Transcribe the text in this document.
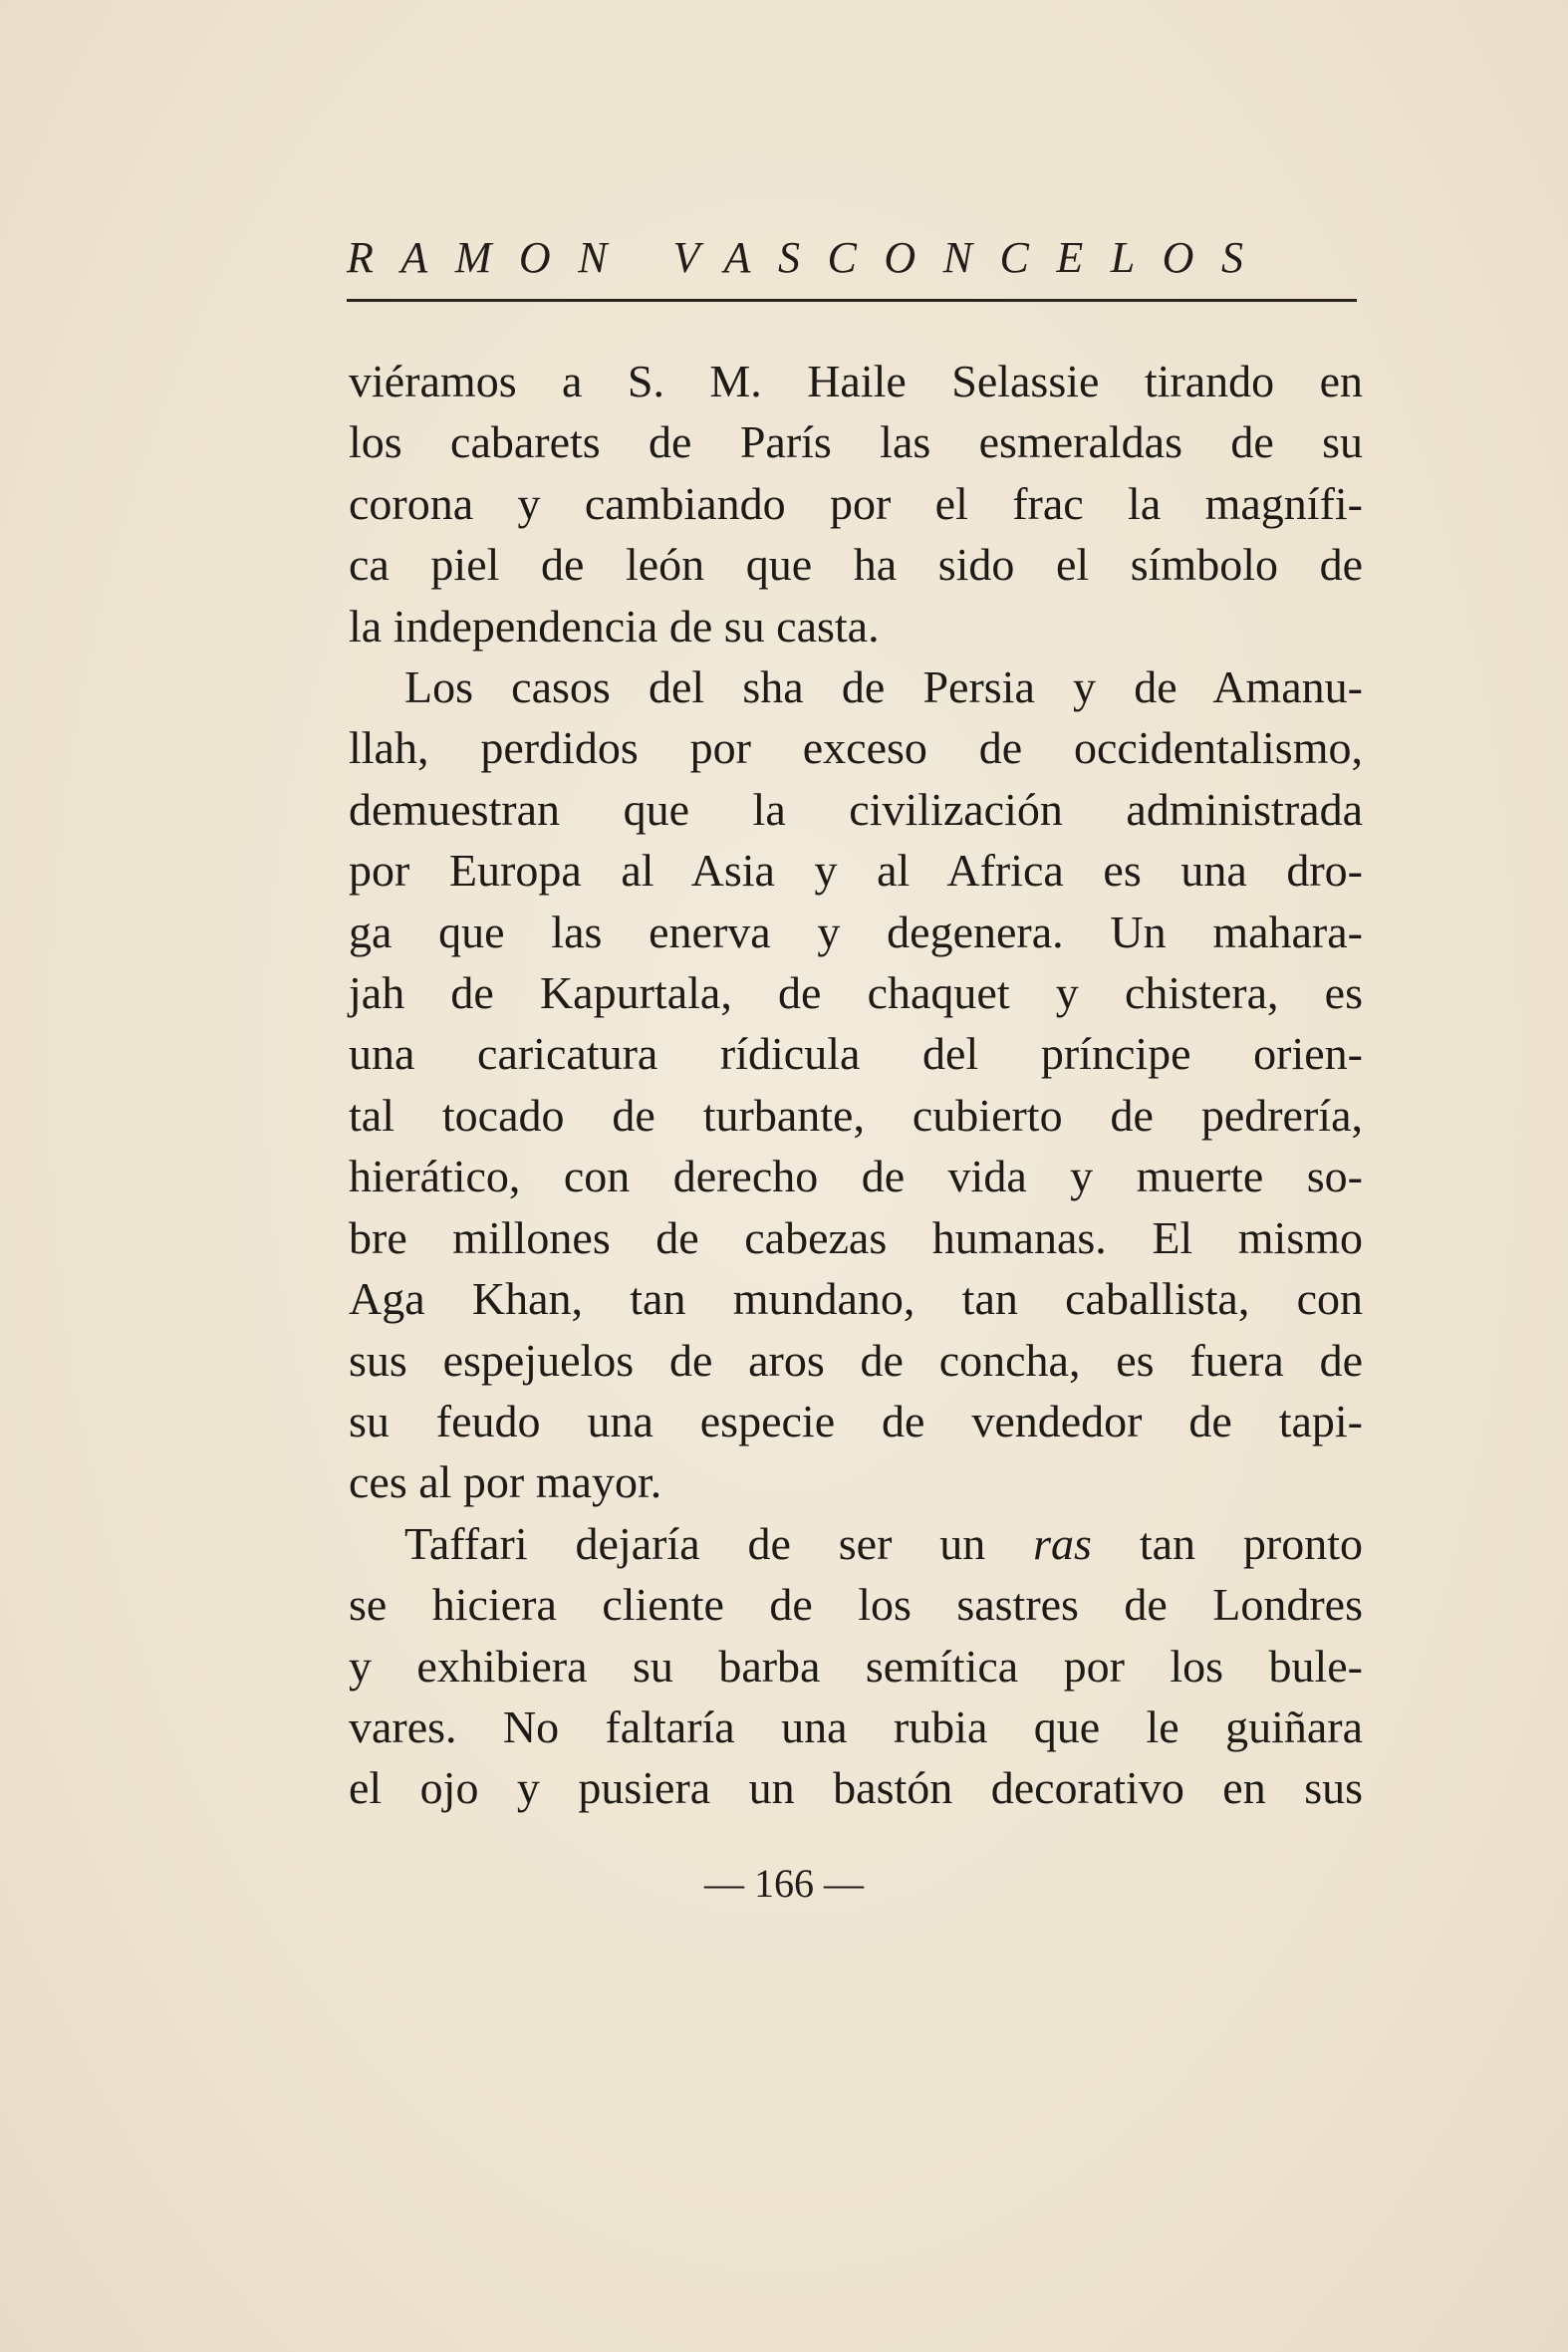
RAMON VASCONCELOS

viéramos a S. M. Haile Selassie tirando en
los cabarets de París las esmeraldas de su
corona y cambiando por el frac la magnífi-
ca piel de león que ha sido el símbolo de
la independencia de su casta.

Los casos del sha de Persia y de Amanu-
llah, perdidos por exceso de occidentalismo,
demuestran que la civilización administrada
por Europa al Asia y al Africa es una dro-
ga que las enerva y degenera. Un mahara-
jah de Kapurtala, de chaquet y chistera, es
una caricatura rídicula del príncipe orien-
tal tocado de turbante, cubierto de pedrería,
hierático, con derecho de vida y muerte so-
bre millones de cabezas humanas. El mismo
Aga Khan, tan mundano, tan caballista, con
sus espejuelos de aros de concha, es fuera de
su feudo una especie de vendedor de tapi-
ces al por mayor.

Taffari dejaría de ser un ras tan pronto
se hiciera cliente de los sastres de Londres
y exhibiera su barba semítica por los bule-
vares. No faltaría una rubia que le guiñara
el ojo y pusiera un bastón decorativo en sus

— 166 —
